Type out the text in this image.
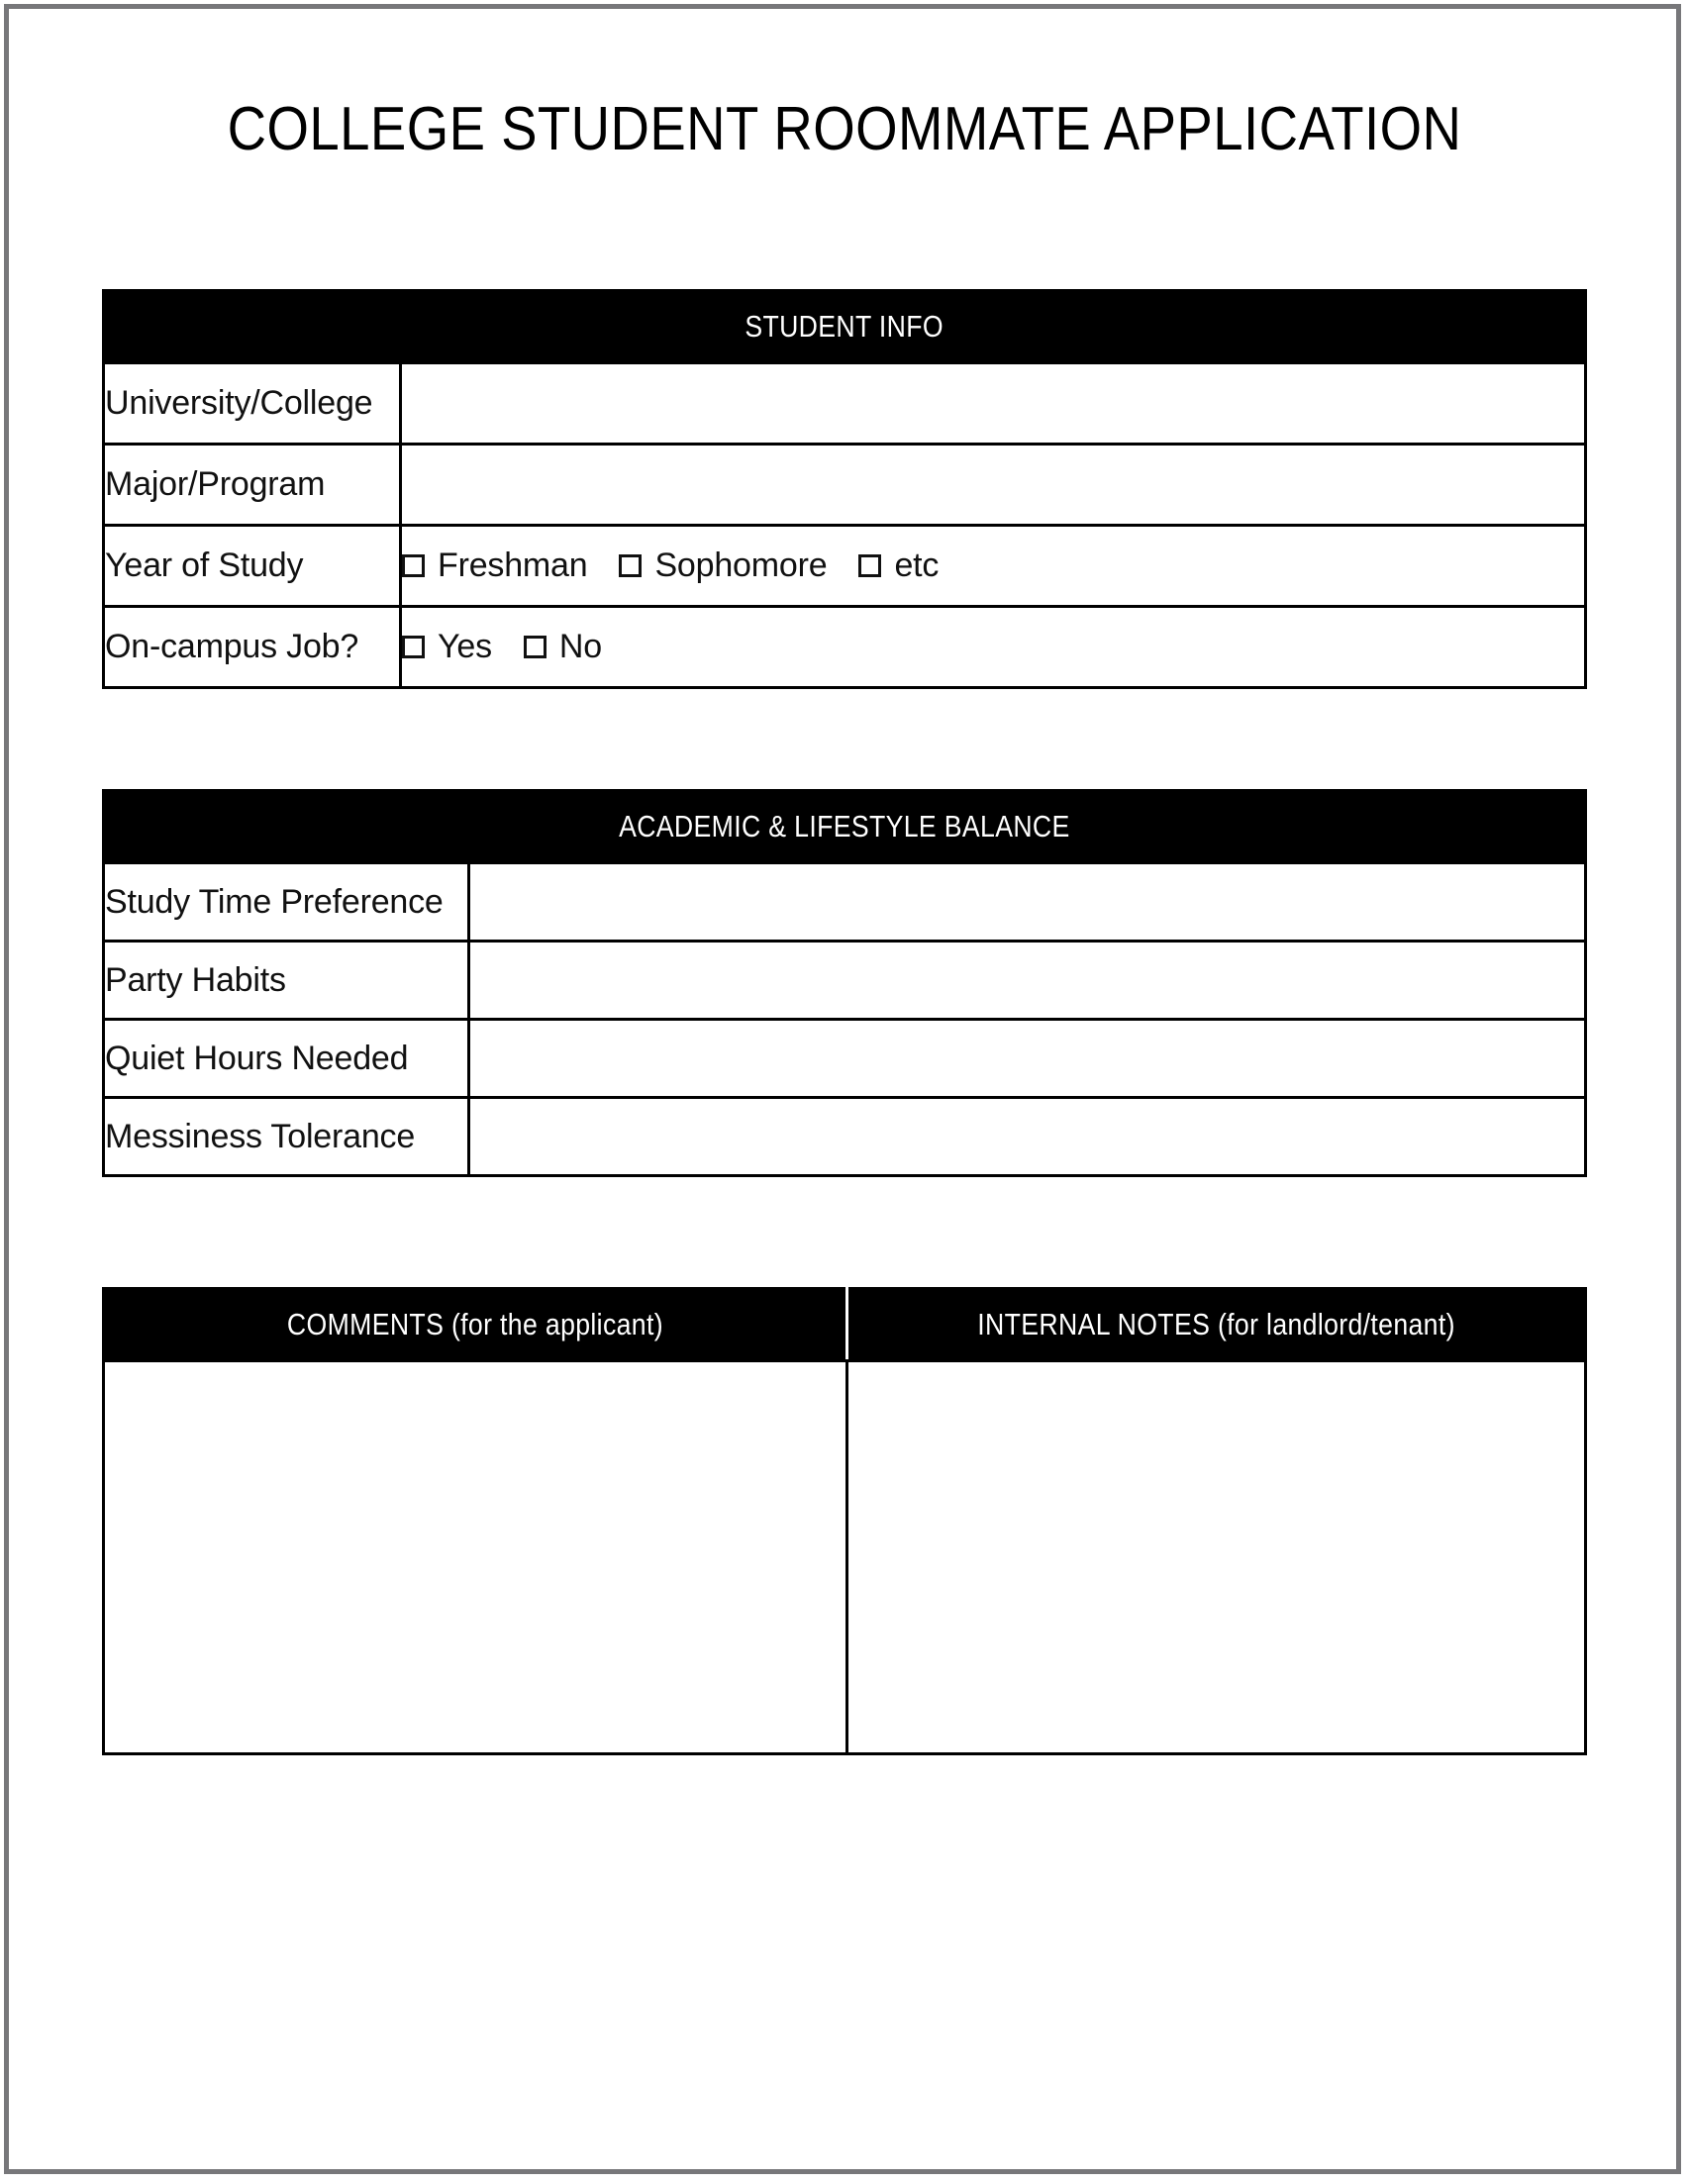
COLLEGE STUDENT ROOMMATE APPLICATION
STUDENT INFO	
University/College	
Major/Program	
Year of Study	Freshman Sophomore etc

On-campus Job?	Yes No
ACADEMIC & LIFESTYLE BALANCE	
Study Time Preference	
Party Habits	
Quiet Hours Needed	
Messiness Tolerance	
COMMENTS (for the applicant)	INTERNAL NOTES (for landlord/tenant)
